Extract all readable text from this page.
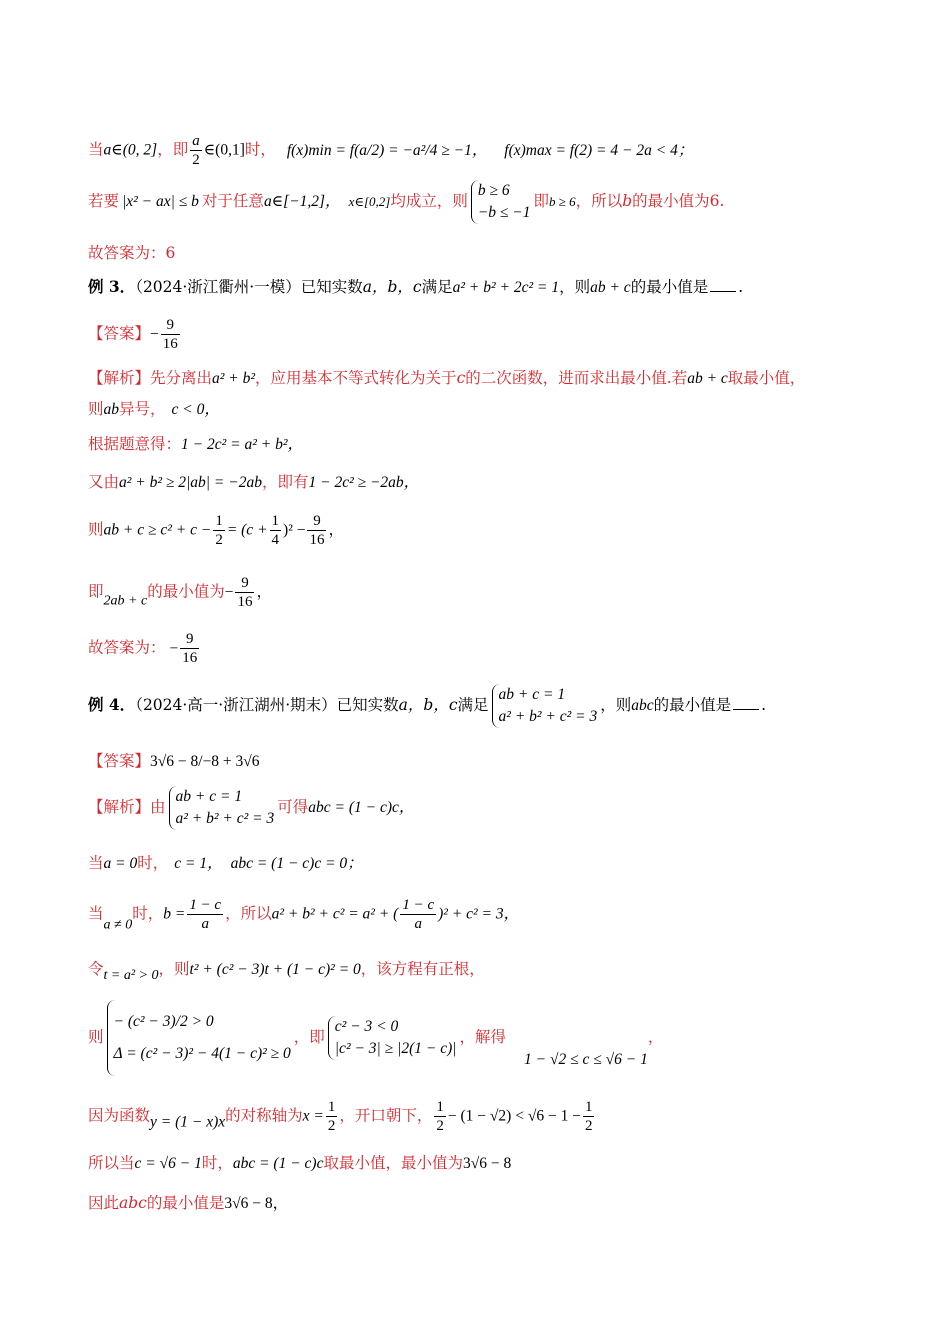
当a∈(0, 2]，即 $\frac{a}{2}$ ∈(0,1]时， f(x)min = f(a/2) = −a²/4 ≥ −1， f(x)max = f(2) = 4 − 2a < 4；
若要 |x² − ax| ≤ b 对于任意a∈[−1,2]， x∈[0,2]均成立，则
b ≥ 6
−b ≤ −1
即b ≥ 6，所以b的最小值为6.
故答案为：6
例 3．（2024·浙江衢州·一模）已知实数a，b，c满足a² + b² + 2c² = 1，则ab + c的最小值是 .
【答案】− $\frac{9}{16}$
【解析】先分离出a² + b²，应用基本不等式转化为关于c的二次函数，进而求出最小值.若ab + c取最小值，
则ab异号， c < 0，
根据题意得：1 − 2c² = a² + b²，
又由a² + b² ≥ 2|ab| = −2ab，即有1 − 2c² ≥ −2ab，
则ab + $c \ge c^2 + c - \frac{1}{2} = (c + \frac{1}{4} )^2 - \frac{9}{16}$ ，
即2ab + c的最小值为− $\frac{9}{16}$ ，
故答案为： − $\frac{9}{16}$
例 4．（2024·高一·浙江湖州·期末）已知实数a，b，c满足
ab + c = 1
a² + b² + c² = 3
，则abc的最小值是 .
【答案】3√6 − 8/−8 + 3√6
【解析】由
ab + c = 1
a² + b² + c² = 3
可得abc = (1 − c)c，
当a = 0时， c = 1， abc = (1 − c)c = 0；
当a ≠ 0时，$b = \frac{1 - c}{a}$ ，所以a² + b² + c² = a² + ( $\frac{1 - c}{a} )^2 + c^2 = 3$，
令t = a² > 0，则t² + (c² − 3)t + (1 − c)² = 0，该方程有正根，
则
− (c² − 3)/2 > 0
Δ = (c² − 3)² − 4(1 − c)² ≥ 0
，即
c² − 3 < 0
|c² − 3| ≥ |2(1 − c)|
，解得1 − √2 ≤ c ≤ √6 − 1，
因为函数y = (1 − x)x的对称轴为$x = \frac{1}{2}$ ，开口朝下， $\frac{1}{2} - (1 - √2) < √6 - 1 - \frac{1}{2}$
所以当c = √6 − 1时，abc = (1 − c)c取最小值，最小值为3√6 − 8
因此abc的最小值是3√6 − 8，
